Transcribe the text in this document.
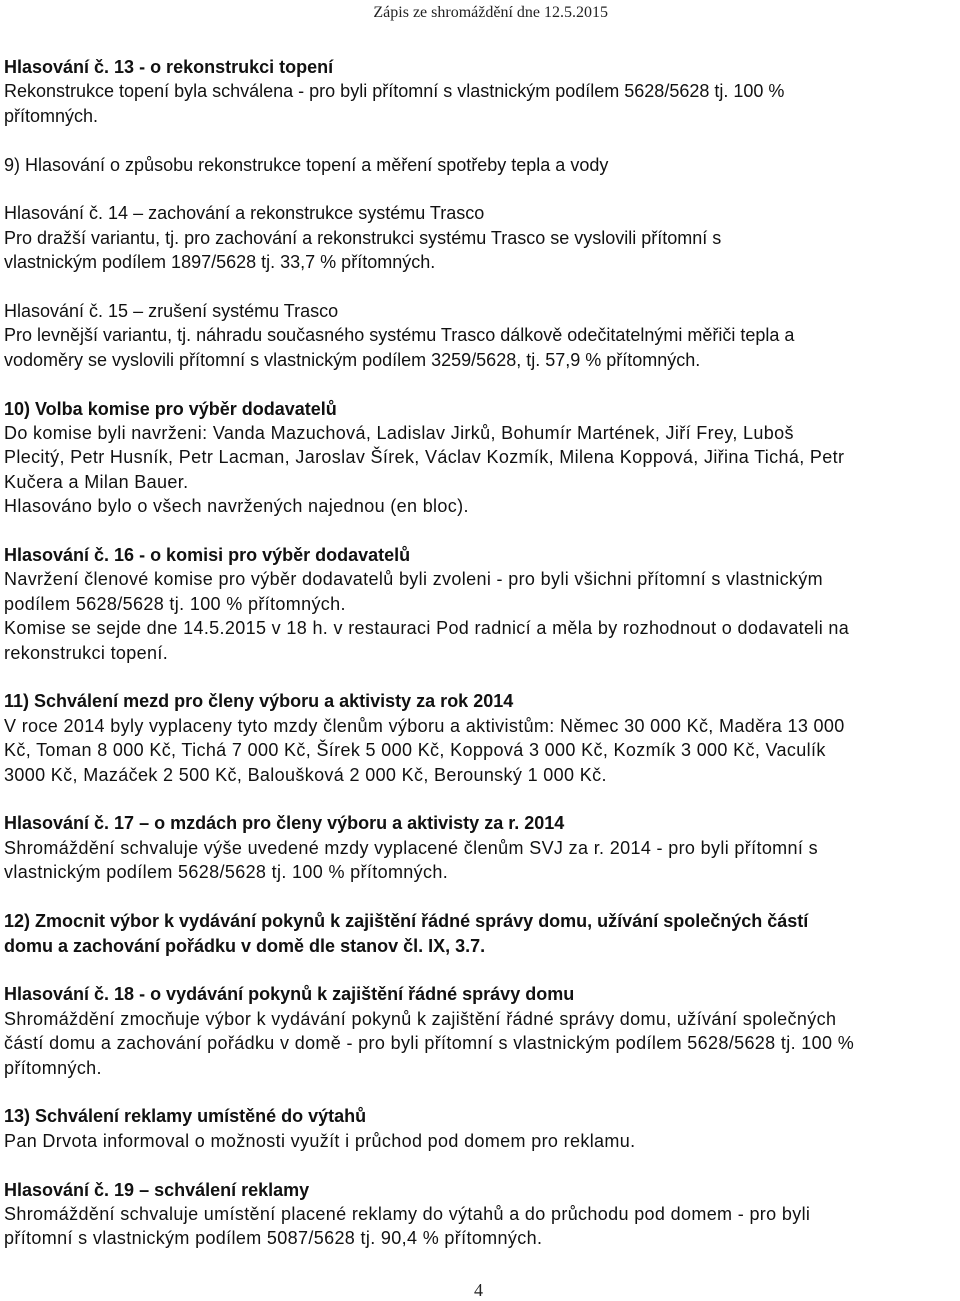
Zápis ze shromáždění dne 12.5.2015
Hlasování č. 13 - o rekonstrukci topení
Rekonstrukce topení byla schválena - pro byli přítomní s vlastnickým podílem 5628/5628 tj. 100 %
přítomných.
9) Hlasování o způsobu rekonstrukce topení a měření spotřeby tepla a vody
Hlasování č. 14 – zachování a rekonstrukce systému Trasco
Pro dražší variantu, tj. pro zachování a rekonstrukci systému Trasco se vyslovili přítomní s
vlastnickým podílem 1897/5628 tj. 33,7 % přítomných.
Hlasování č. 15 – zrušení systému Trasco
Pro levnější variantu, tj. náhradu současného systému Trasco dálkově odečitatelnými měřiči tepla a
vodoměry se vyslovili přítomní s vlastnickým podílem 3259/5628, tj. 57,9 % přítomných.
10) Volba komise pro výběr dodavatelů
Do komise byli navrženi: Vanda Mazuchová, Ladislav Jirků, Bohumír Martének, Jiří Frey, Luboš
Plecitý, Petr Husník, Petr Lacman, Jaroslav Šírek, Václav Kozmík, Milena Koppová, Jiřina Tichá, Petr
Kučera a Milan Bauer.
Hlasováno bylo o všech navržených najednou (en bloc).
Hlasování č. 16 - o komisi pro výběr dodavatelů
Navržení členové komise pro výběr dodavatelů byli zvoleni - pro byli všichni přítomní s vlastnickým
podílem 5628/5628 tj. 100 % přítomných.
Komise se sejde dne 14.5.2015 v 18 h. v restauraci Pod radnicí a měla by rozhodnout o dodavateli na
rekonstrukci topení.
11) Schválení mezd pro členy výboru a aktivisty za rok 2014
V roce 2014 byly vyplaceny tyto mzdy členům výboru a aktivistům: Němec 30 000 Kč, Maděra 13 000
Kč, Toman 8 000 Kč, Tichá 7 000 Kč, Šírek 5 000 Kč, Koppová 3 000 Kč, Kozmík 3 000 Kč, Vaculík
3000 Kč, Mazáček 2 500 Kč, Baloušková 2 000 Kč, Berounský 1 000 Kč.
Hlasování č. 17 – o mzdách pro členy výboru a aktivisty za r. 2014
Shromáždění schvaluje výše uvedené mzdy vyplacené členům SVJ za r. 2014 - pro byli přítomní s
vlastnickým podílem 5628/5628 tj. 100 % přítomných.
12) Zmocnit výbor k vydávání pokynů k zajištění řádné správy domu, užívání společných částí
domu a zachování pořádku v domě dle stanov čl. IX, 3.7.
Hlasování č. 18 - o vydávání pokynů k zajištění řádné správy domu
Shromáždění zmocňuje výbor k vydávání pokynů k zajištění řádné správy domu, užívání společných
částí domu a zachování pořádku v domě - pro byli přítomní s vlastnickým podílem 5628/5628 tj. 100 %
přítomných.
13) Schválení reklamy umístěné do výtahů
Pan Drvota informoval o možnosti využít i průchod pod domem pro reklamu.
Hlasování č. 19 – schválení reklamy
Shromáždění schvaluje umístění placené reklamy do výtahů a do průchodu pod domem - pro byli
přítomní s vlastnickým podílem 5087/5628 tj. 90,4 % přítomných.
4
